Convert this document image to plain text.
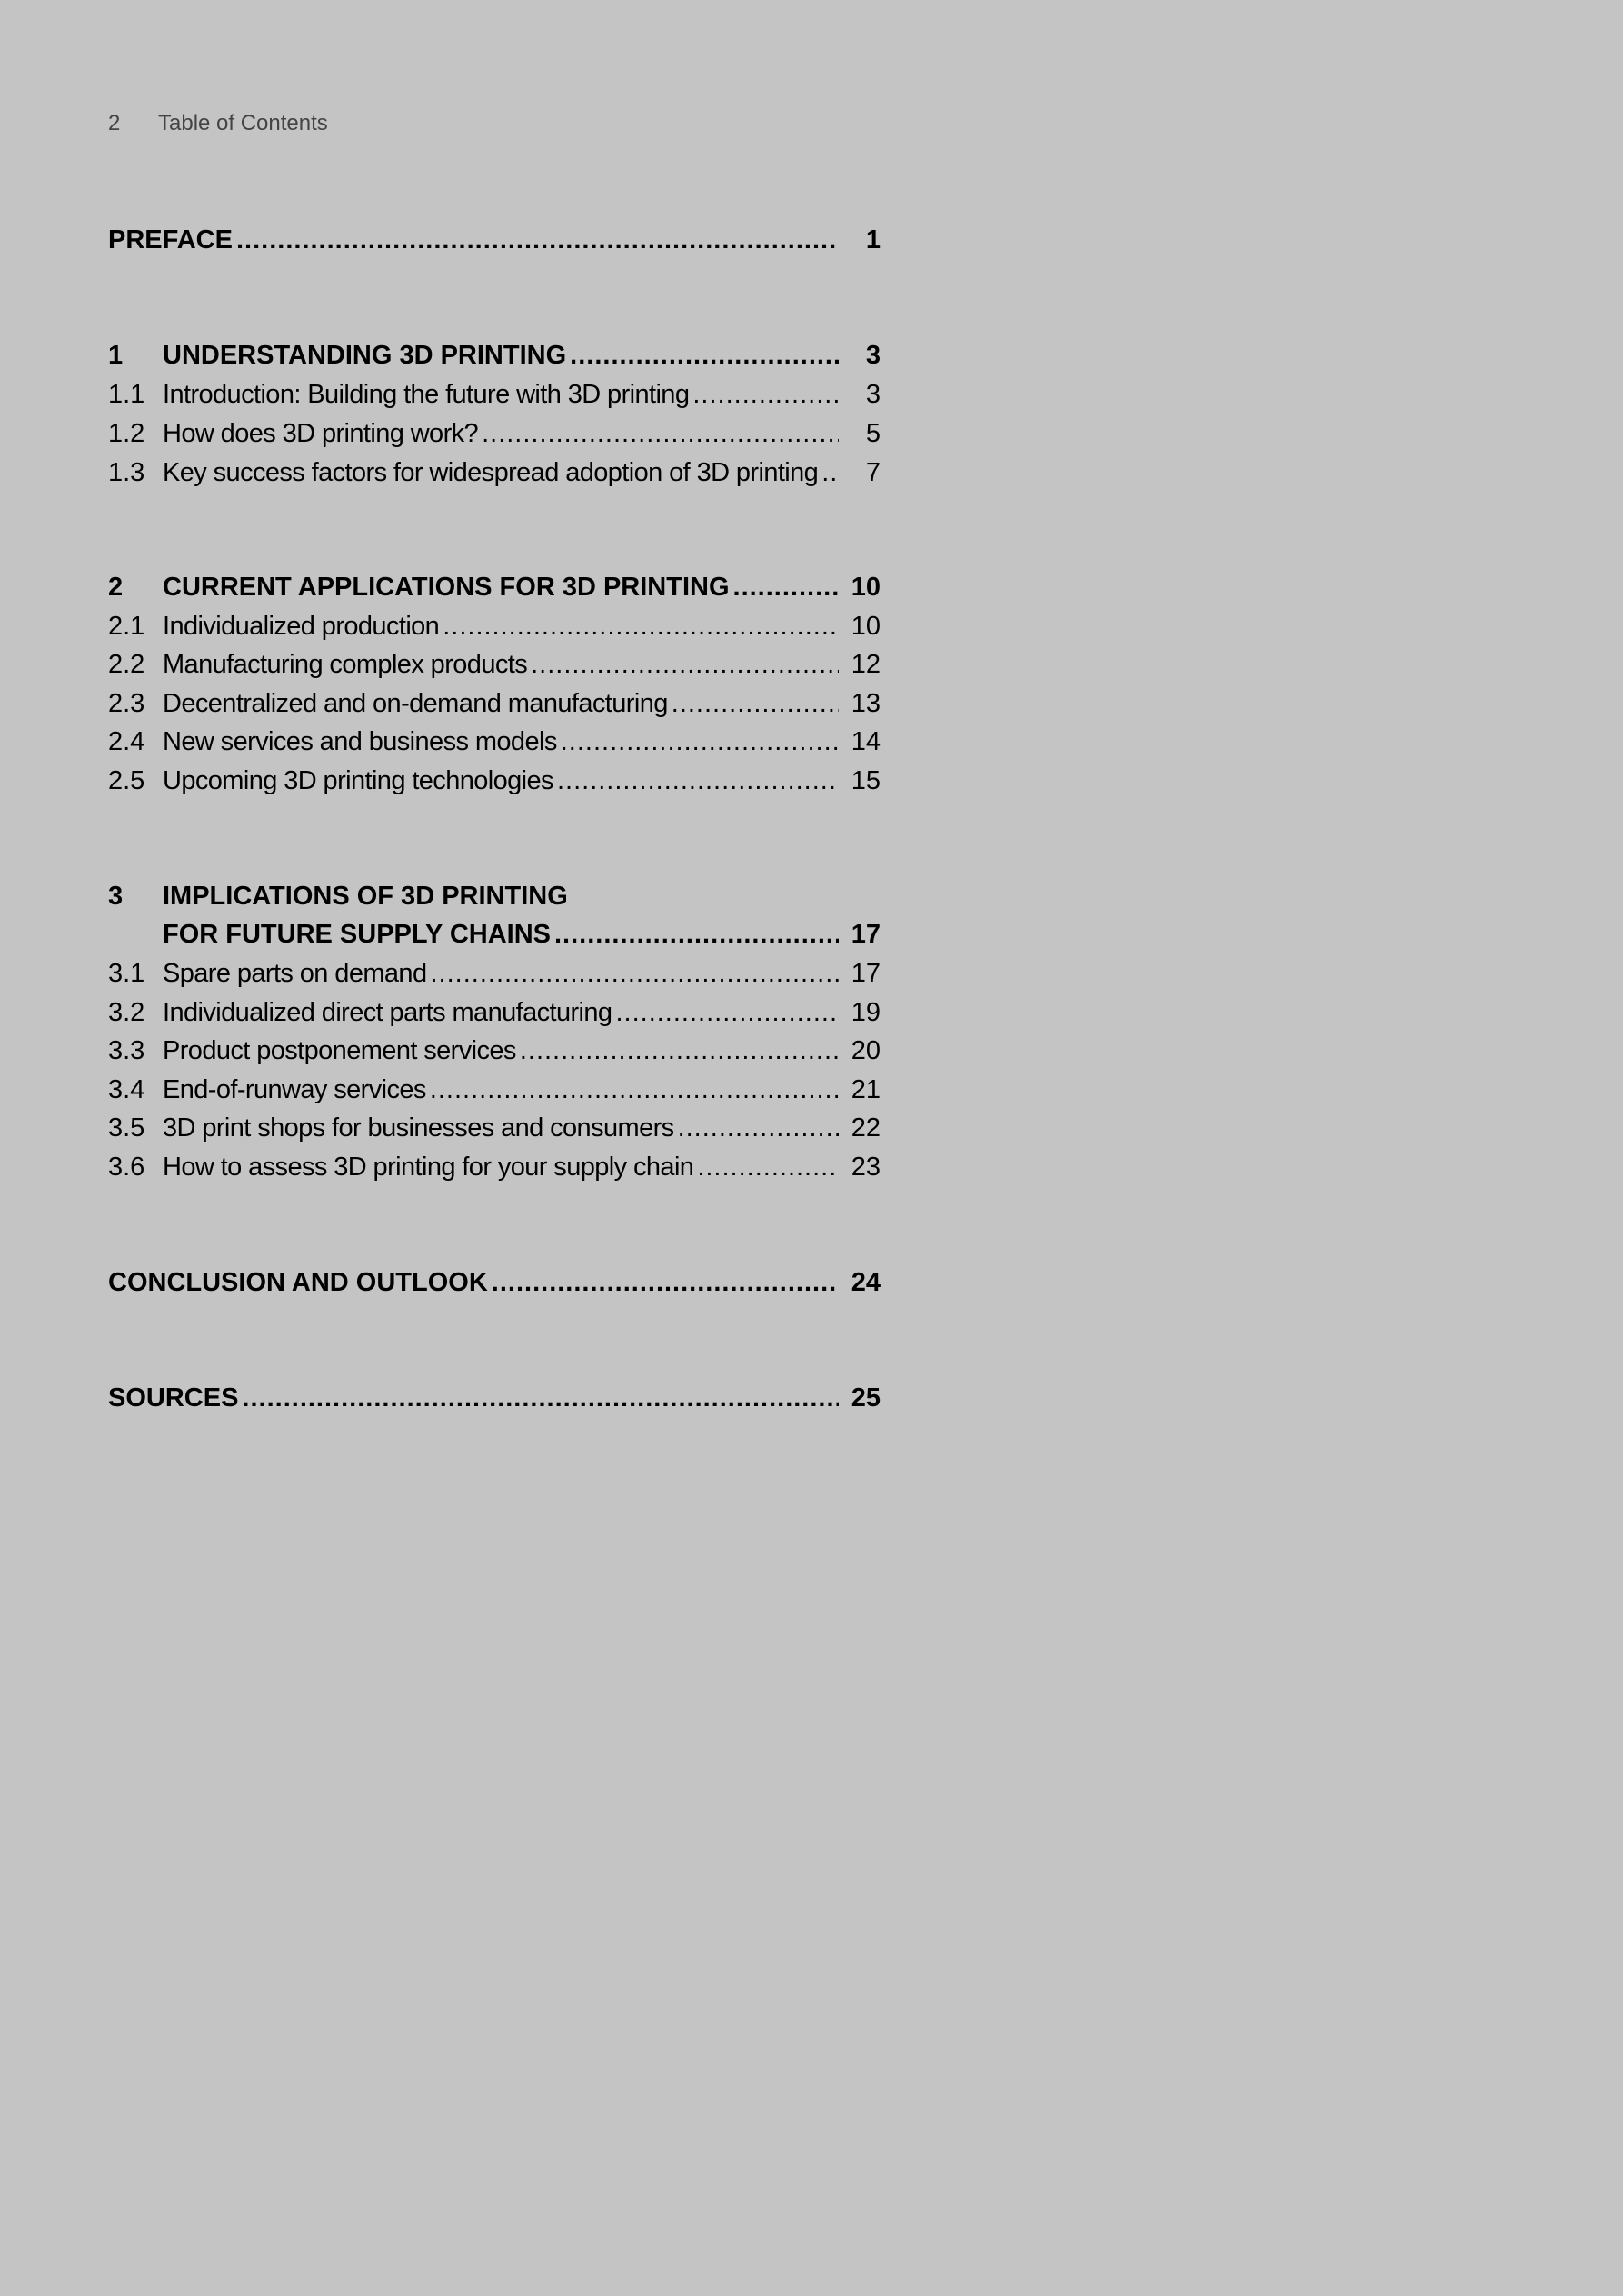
2	Table of Contents
PREFACE .....	1
1	UNDERSTANDING 3D PRINTING .....	3
1.1 Introduction: Building the future with 3D printing .....	3
1.2 How does 3D printing work? .....	5
1.3 Key success factors for widespread adoption of 3D printing .....	7
2	CURRENT APPLICATIONS FOR 3D PRINTING .....	10
2.1 Individualized production .....	10
2.2 Manufacturing complex products .....	12
2.3 Decentralized and on-demand manufacturing .....	13
2.4 New services and business models .....	14
2.5 Upcoming 3D printing technologies .....	15
3	IMPLICATIONS OF 3D PRINTING
FOR FUTURE SUPPLY CHAINS .....	17
3.1 Spare parts on demand .....	17
3.2 Individualized direct parts manufacturing .....	19
3.3 Product postponement services .....	20
3.4 End-of-runway services .....	21
3.5 3D print shops for businesses and consumers .....	22
3.6 How to assess 3D printing for your supply chain .....	23
CONCLUSION AND OUTLOOK .....	24
SOURCES .....	25
